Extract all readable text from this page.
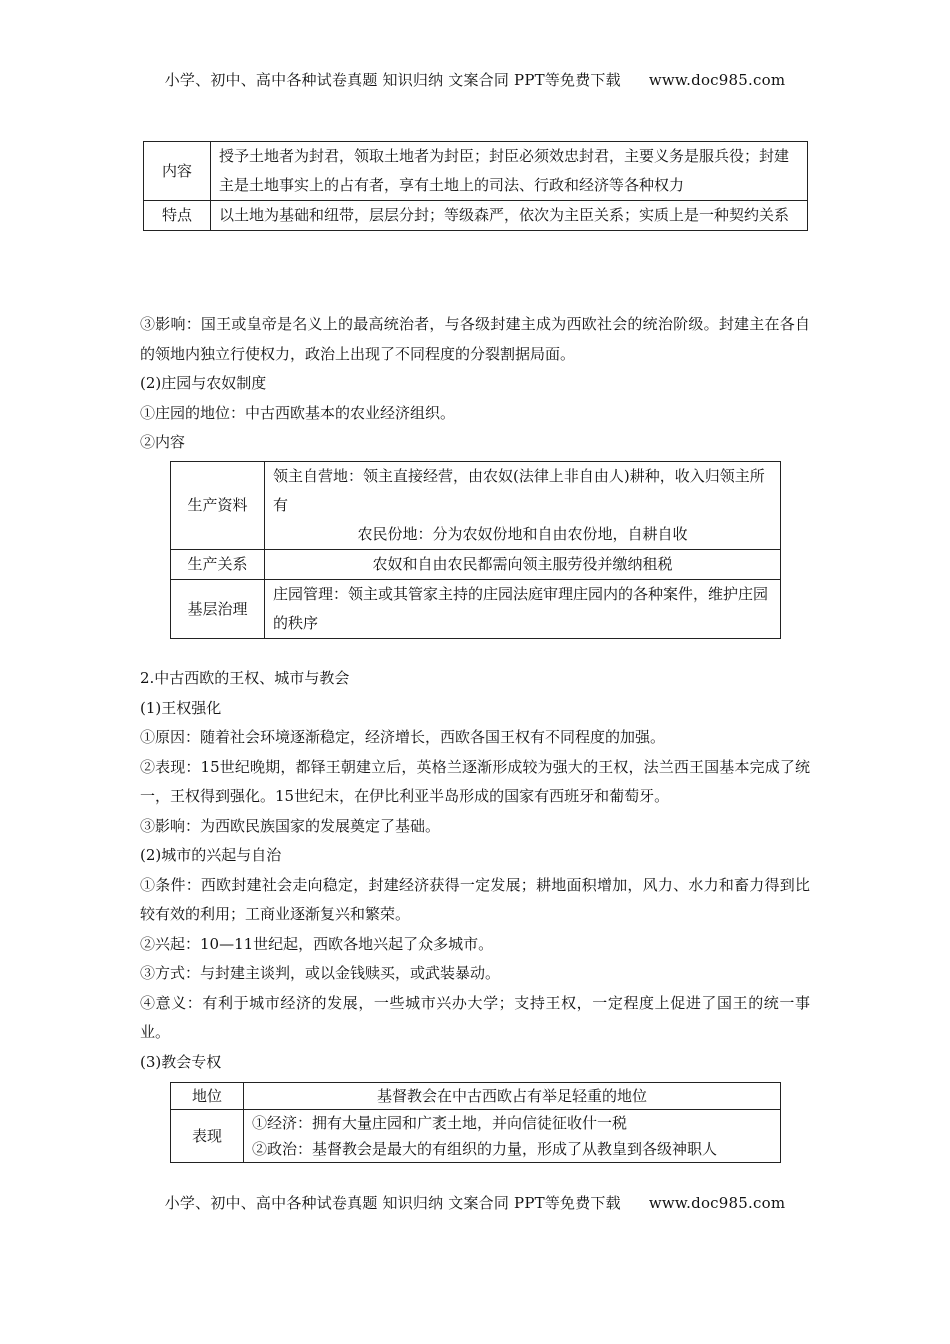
小学、初中、高中各种试卷真题 知识归纳 文案合同 PPT等免费下载 www.doc985.com
内容	授予土地者为封君，领取土地者为封臣；封臣必须效忠封君，主要义务是服兵役；封建主是土地事实上的占有者，享有土地上的司法、行政和经济等各种权力
特点	以土地为基础和纽带，层层分封；等级森严，依次为主臣关系；实质上是一种契约关系

③影响：国王或皇帝是名义上的最高统治者，与各级封建主成为西欧社会的统治阶级。封建主在各自的领地内独立行使权力，政治上出现了不同程度的分裂割据局面。

(2)庄园与农奴制度

①庄园的地位：中古西欧基本的农业经济组织。

②内容

生产资料	领主自营地：领主直接经营，由农奴(法律上非自由人)耕种，收入归领主所有
农民份地：分为农奴份地和自由农份地，自耕自收

生产关系	农奴和自由农民都需向领主服劳役并缴纳租税
基层治理	庄园管理：领主或其管家主持的庄园法庭审理庄园内的各种案件，维护庄园的秩序

2.中古西欧的王权、城市与教会

(1)王权强化

①原因：随着社会环境逐渐稳定，经济增长，西欧各国王权有不同程度的加强。

②表现：15世纪晚期，都铎王朝建立后，英格兰逐渐形成较为强大的王权，法兰西王国基本完成了统一，王权得到强化。15世纪末，在伊比利亚半岛形成的国家有西班牙和葡萄牙。

③影响：为西欧民族国家的发展奠定了基础。

(2)城市的兴起与自治

①条件：西欧封建社会走向稳定，封建经济获得一定发展；耕地面积增加，风力、水力和畜力得到比较有效的利用；工商业逐渐复兴和繁荣。

②兴起：10—11世纪起，西欧各地兴起了众多城市。

③方式：与封建主谈判，或以金钱赎买，或武装暴动。

④意义：有利于城市经济的发展，一些城市兴办大学；支持王权，一定程度上促进了国王的统一事业。

(3)教会专权

地位	基督教会在中古西欧占有举足轻重的地位
表现	①经济：拥有大量庄园和广袤土地，并向信徒征收什一税
②政治：基督教会是最大的有组织的力量，形成了从教皇到各级神职人
小学、初中、高中各种试卷真题 知识归纳 文案合同 PPT等免费下载 www.doc985.com
